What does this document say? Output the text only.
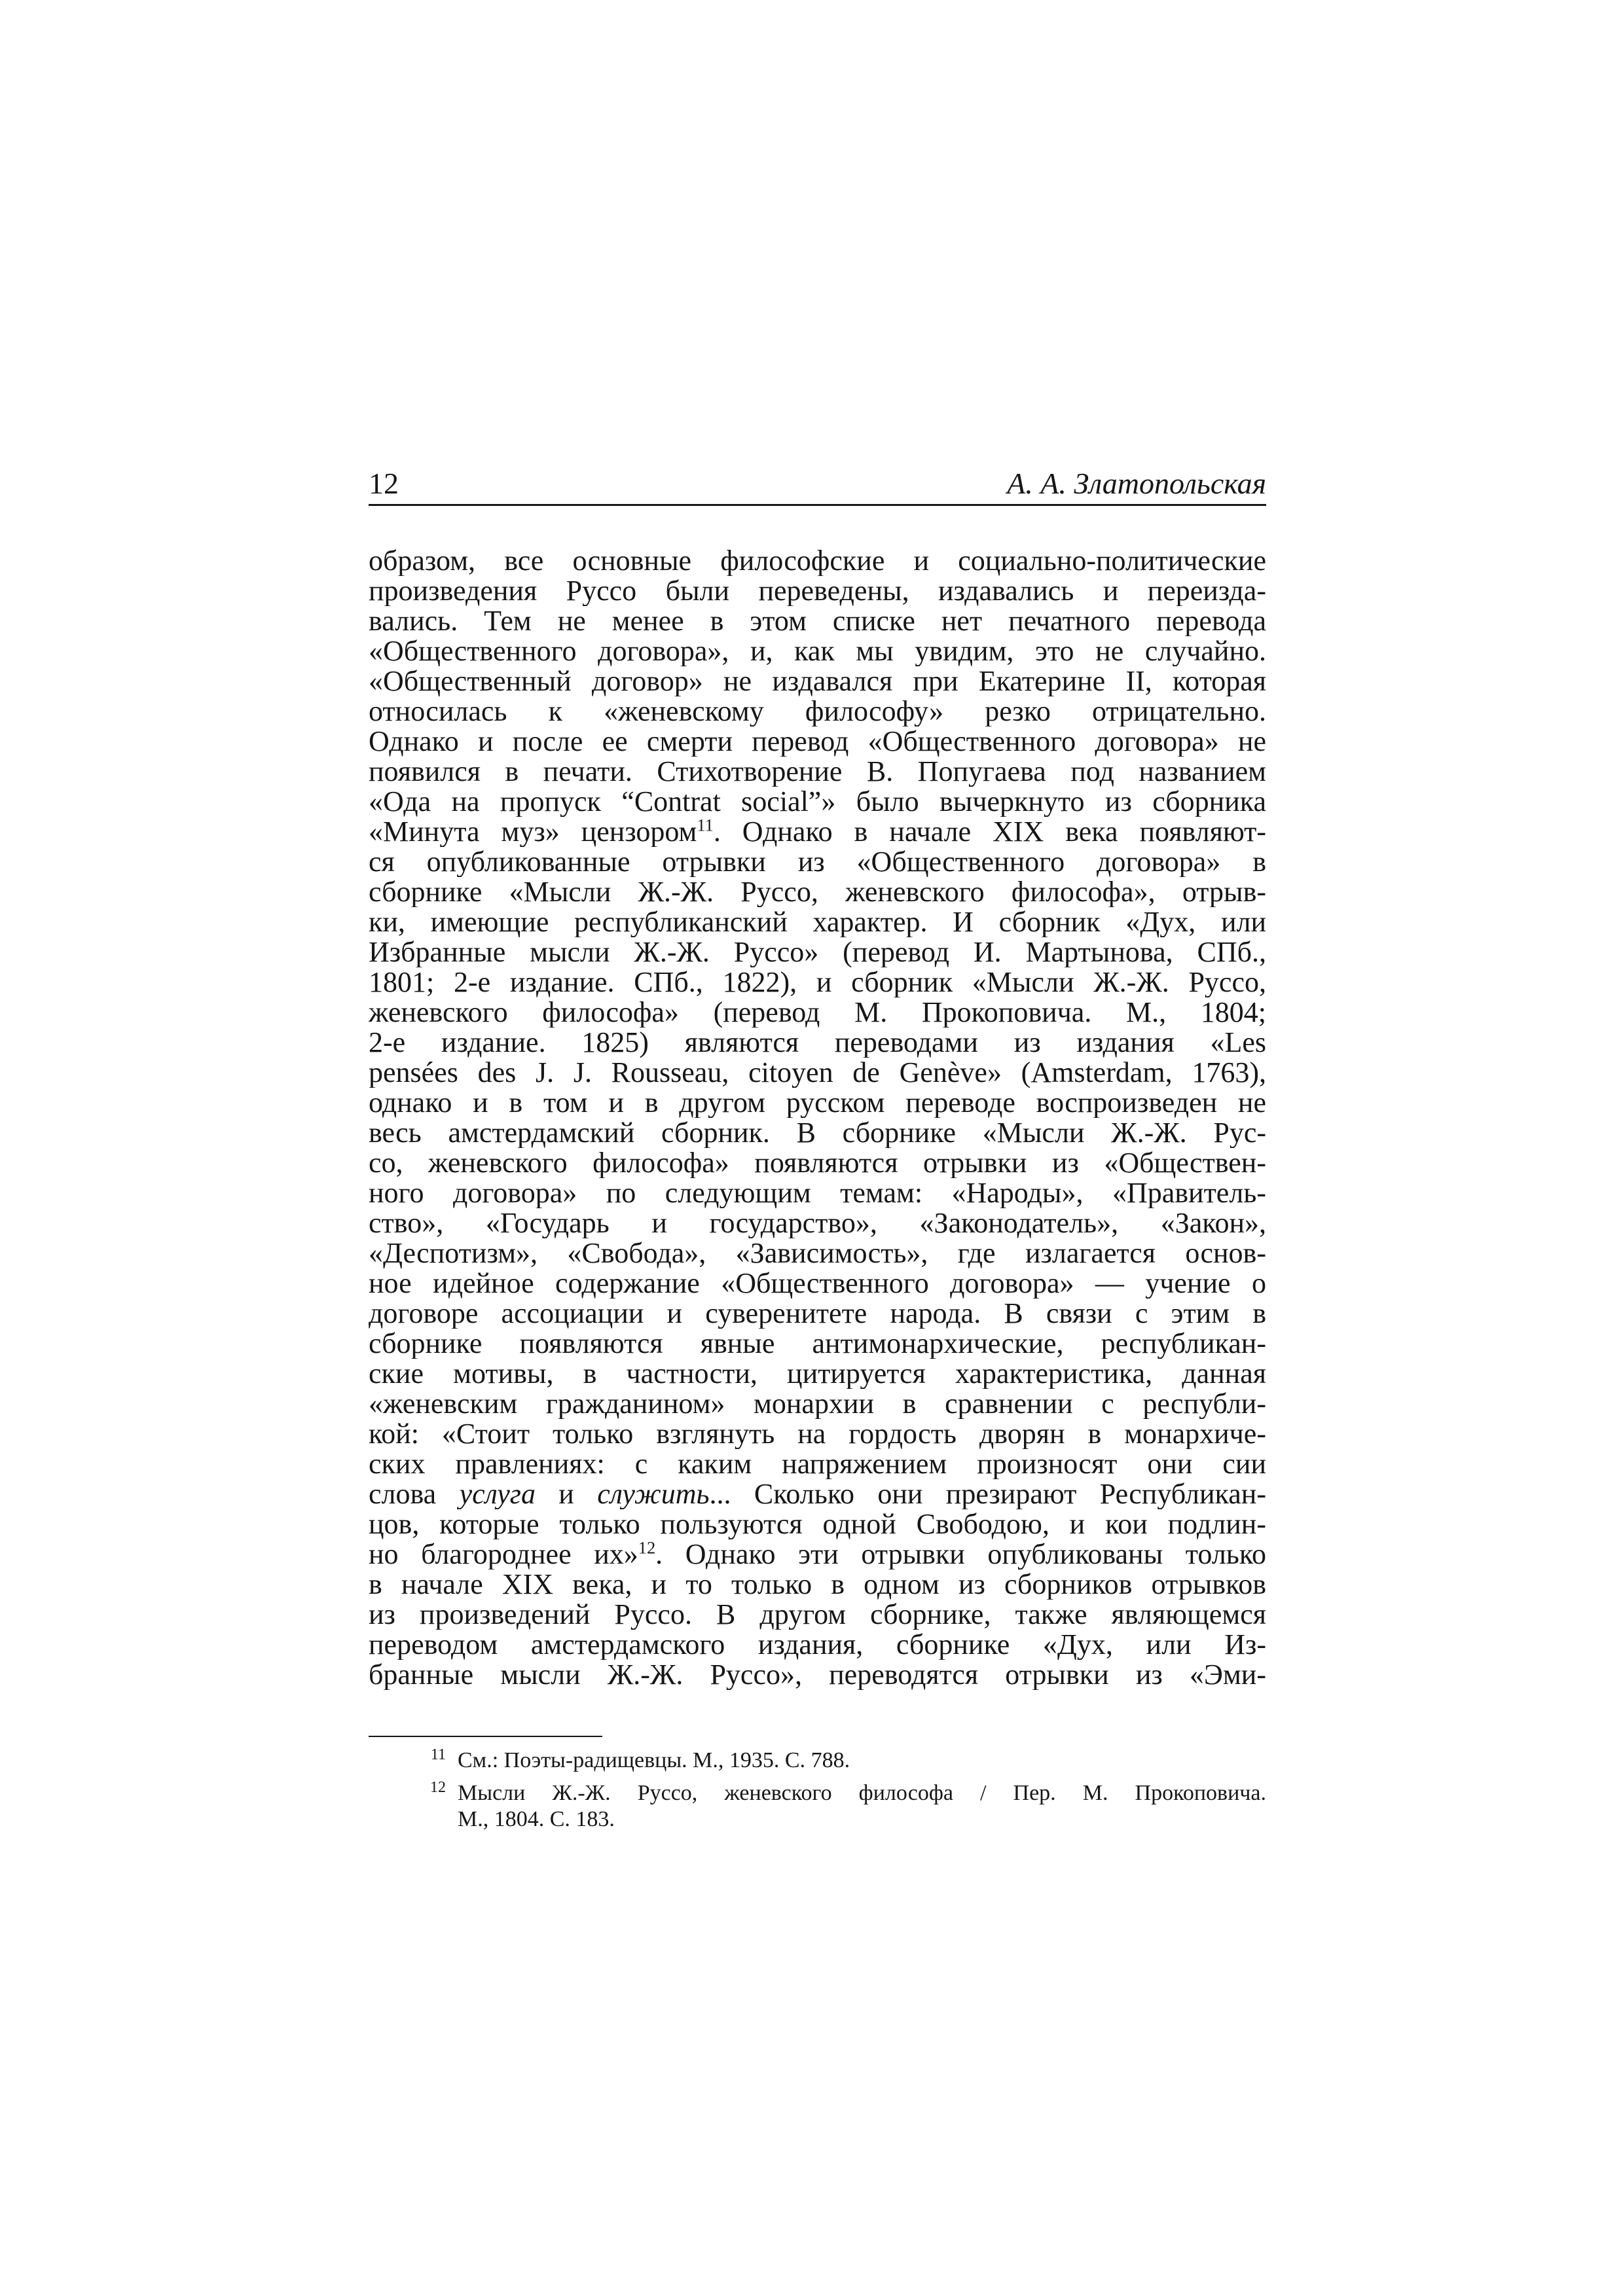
12	А. А. Златопольская
образом, все основные философские и социально-политические
произведения Руссо были переведены, издавались и переизда-
вались. Тем не менее в этом списке нет печатного перевода
«Общественного договора», и, как мы увидим, это не случайно.
«Общественный договор» не издавался при Екатерине II, которая
относилась к «женевскому философу» резко отрицательно.
Однако и после ее смерти перевод «Общественного договора» не
появился в печати. Стихотворение В. Попугаева под названием
«Ода на пропуск “Contrat social”» было вычеркнуто из сборника
«Минута муз» цензором$^{11}$. Однако в начале XIX века появляют-
ся опубликованные отрывки из «Общественного договора» в
сборнике «Мысли Ж.-Ж. Руссо, женевского философа», отрыв-
ки, имеющие республиканский характер. И сборник «Дух, или
Избранные мысли Ж.-Ж. Руссо» (перевод И. Мартынова, СПб.,
1801; 2-е издание. СПб., 1822), и сборник «Мысли Ж.-Ж. Руссо,
женевского философа» (перевод М. Прокоповича. М., 1804;
2-е издание. 1825) являются переводами из издания «Les
pensées des J. J. Rousseau, citoyen de Genève» (Amsterdam, 1763),
однако и в том и в другом русском переводе воспроизведен не
весь амстердамский сборник. В сборнике «Мысли Ж.-Ж. Рус-
со, женевского философа» появляются отрывки из «Обществен-
ного договора» по следующим темам: «Народы», «Правитель-
ство», «Государь и государство», «Законодатель», «Закон»,
«Деспотизм», «Свобода», «Зависимость», где излагается основ-
ное идейное содержание «Общественного договора» — учение о
договоре ассоциации и суверенитете народа. В связи с этим в
сборнике появляются явные антимонархические, республикан-
ские мотивы, в частности, цитируется характеристика, данная
«женевским гражданином» монархии в сравнении с республи-
кой: «Стоит только взглянуть на гордость дворян в монархиче-
ских правлениях: с каким напряжением произносят они сии
слова услуга и служить... Сколько они презирают Республикан-
цов, которые только пользуются одной Свободою, и кои подлин-
но благороднее их»$^{12}$. Однако эти отрывки опубликованы только
в начале XIX века, и то только в одном из сборников отрывков
из произведений Руссо. В другом сборнике, также являющемся
переводом амстердамского издания, сборнике «Дух, или Из-
бранные мысли Ж.-Ж. Руссо», переводятся отрывки из «Эми-
11 См.: Поэты-радищевцы. М., 1935. С. 788.
12 Мысли Ж.-Ж. Руссо, женевского философа / Пер. М. Прокоповича.
М., 1804. С. 183.
